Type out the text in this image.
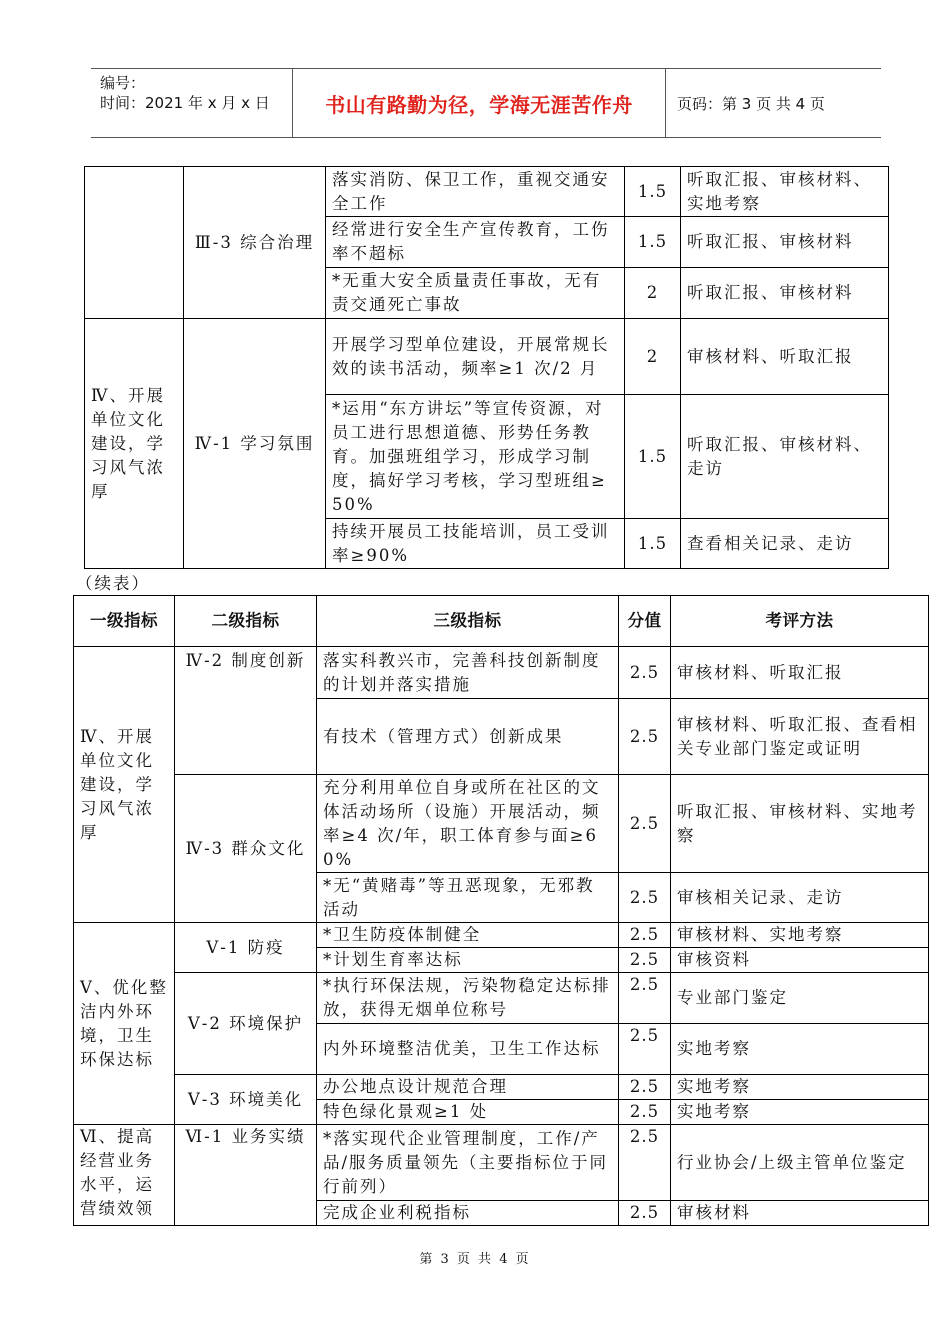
编号：
时间：2021 年 x 月 x 日	书山有路勤为径，学海无涯苦作舟	页码：第 3 页 共 4 页
	Ⅲ-3 综合治理	落实消防、保卫工作，重视交通安全工作	1.5	听取汇报、审核材料、实地考察
		经常进行安全生产宣传教育，工伤率不超标	1.5	听取汇报、审核材料
		*无重大安全质量责任事故，无有责交通死亡事故	2	听取汇报、审核材料
Ⅳ、开展单位文化建设，学习风气浓厚	Ⅳ-1 学习氛围	开展学习型单位建设，开展常规长效的读书活动，频率≥1 次/2 月	2	审核材料、听取汇报
		*运用“东方讲坛”等宣传资源，对员工进行思想道德、形势任务教育。加强班组学习，形成学习制度，搞好学习考核，学习型班组≥50%	1.5	听取汇报、审核材料、走访
		持续开展员工技能培训，员工受训率≥90%	1.5	查看相关记录、走访
（续表）
一级指标	二级指标	三级指标	分值	考评方法
Ⅳ、开展单位文化建设，学习风气浓厚	Ⅳ-2 制度创新	落实科教兴市，完善科技创新制度的计划并落实措施	2.5	审核材料、听取汇报
		有技术（管理方式）创新成果	2.5	审核材料、听取汇报、查看相关专业部门鉴定或证明
	Ⅳ-3 群众文化	充分利用单位自身或所在社区的文体活动场所（设施）开展活动，频率≥4 次/年，职工体育参与面≥60%	2.5	听取汇报、审核材料、实地考察
		*无“黄赌毒”等丑恶现象，无邪教活动	2.5	审核相关记录、走访
Ⅴ、优化整洁内外环境，卫生环保达标	Ⅴ-1 防疫	*卫生防疫体制健全	2.5	审核材料、实地考察
		*计划生育率达标	2.5	审核资料
	Ⅴ-2 环境保护	*执行环保法规，污染物稳定达标排放，获得无烟单位称号	2.5	专业部门鉴定
		内外环境整洁优美，卫生工作达标	2.5	实地考察
	Ⅴ-3 环境美化	办公地点设计规范合理	2.5	实地考察
		特色绿化景观≥1 处	2.5	实地考察
Ⅵ、提高经营业务水平，运营绩效领	Ⅵ-1 业务实绩	*落实现代企业管理制度，工作/产品/服务质量领先（主要指标位于同行前列）	2.5	行业协会/上级主管单位鉴定
		完成企业利税指标	2.5	审核材料
第 3 页 共 4 页
